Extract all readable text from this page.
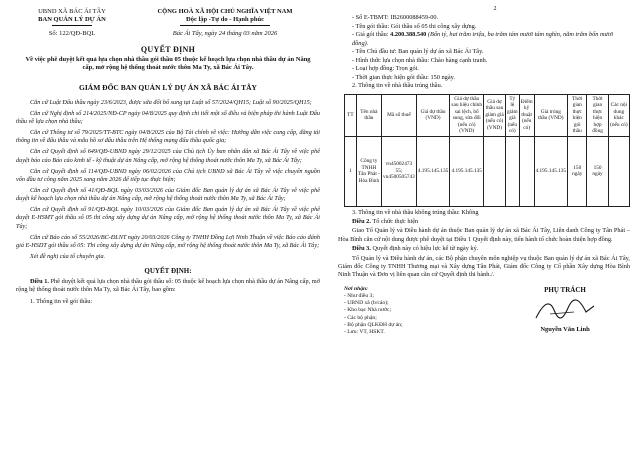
UBND XÃ BÁC ÁI TÂY
BAN QUẢN LÝ DỰ ÁN
CỘNG HOÀ XÃ HỘI CHỦ NGHĨA VIỆT NAM
Độc lập -Tự do - Hạnh phúc
Số: 122/QĐ-BQL	Bác Ái Tây, ngày 24 tháng 03 năm 2026
QUYẾT ĐỊNH
Về việc phê duyệt kết quả lựa chọn nhà thầu gói thầu 05 thuộc kế hoạch lựa chọn nhà thầu dự án Nâng cấp, mở rộng hệ thống thoát nước thôn Ma Ty, xã Bác Ái Tây.
GIÁM ĐỐC BAN QUẢN LÝ DỰ ÁN XÃ BÁC ÁI TÂY
Căn cứ Luật Đấu thầu ngày 23/6/2023, được sửa đổi bổ sung tại Luật số 57/2024/QH15; Luật số 90/2025/QH15;
Căn cứ Nghị định số 214/2025/NĐ-CP ngày 04/8/2025 quy định chi tiết một số điều và biện pháp thi hành Luật Đấu thầu về lựa chọn nhà thầu;
Căn cứ Thông tư số 79/2025/TT-BTC ngày 04/8/2025 của Bộ Tài chính về việc: Hướng dẫn việc cung cấp, đăng tải thông tin về đấu thầu và mẫu hồ sơ đấu thầu trên Hệ thống mạng đấu thầu quốc gia;
Căn cứ Quyết định số 649/QĐ-UBND ngày 29/12/2025 của Chủ tịch Ủy ban nhân dân xã Bác Ái Tây về việc phê duyệt báo cáo Báo cáo kinh tế - kỹ thuật dự án Nâng cấp, mở rộng hệ thống thoát nước thôn Ma Ty, xã Bác Ái Tây;
Căn cứ Quyết định số 114/QĐ-UBND ngày 06/02/2026 của Chủ tịch UBND xã Bác Ái Tây về việc chuyển nguồn vốn đầu tư công năm 2025 sang năm 2026 để tiếp tục thực hiện;
Căn cứ Quyết định số 41/QĐ-BQL ngày 03/03/2026 của Giám đốc Ban quản lý dự án xã Bác Ái Tây về việc phê duyệt kế hoạch lựa chọn nhà thầu dự án Nâng cấp, mở rộng hệ thống thoát nước thôn Ma Ty, xã Bác Ái Tây;
Căn cứ Quyết định số 91/QĐ-BQL ngày 10/03/2026 của Giám đốc Ban quản lý dự án xã Bác Ái Tây về việc phê duyệt E-HSMT gói thầu số 05 thi công xây dựng dự án Nâng cấp, mở rộng hệ thống thoát nước thôn Ma Ty, xã Bác Ái Tây;
Căn cứ Báo cáo số 55/2026/BC-ĐLNT ngày 20/03/2026 Công ty TNHH Đồng Lợi Ninh Thuận về việc Báo cáo đánh giá E-HSDT gói thầu số 05: Thi công xây dựng dự án Nâng cấp, mở rộng hệ thống thoát nước thôn Ma Ty, xã Bác Ái Tây;
Xét đề nghị của tổ chuyên gia.
QUYẾT ĐỊNH:
Điều 1. Phê duyệt kết quả lựa chọn nhà thầu gói thầu số: 05 thuộc kế hoạch lựa chọn nhà thầu dự án Nâng cấp, mở rộng hệ thống thoát nước thôn Ma Ty, xã Bác Ái Tây, bao gồm:
1. Thông tin về gói thầu:
2
- Số E-TBMT: IB2600088459-00.
- Tên gói thầu: Gói thầu số 05 thi công xây dựng.
- Giá gói thầu: 4.200.388.540 (Bốn tỷ, hai trăm triệu, ba trăm tám mươi tám nghìn, năm trăm bốn mươi đồng).
- Tên Chủ đầu tư: Ban quản lý dự án xã Bác Ái Tây.
- Hình thức lựa chọn nhà thầu: Chào hàng cạnh tranh.
- Loại hợp đồng: Trọn gói.
- Thời gian thực hiện gói thầu: 150 ngày.
2. Thông tin về nhà thầu trúng thầu.
TT	Tên nhà thầu	Mã số thuế	Giá dự thầu (VND)	Giá dự thầu sau hiệu chỉnh sai lệch, bổ sung, sửa đổi (nếu có) (VND)	Giá dự thầu sau giảm giá (nếu có) (VND)	Tỷ lệ giảm giá (nếu có)	Điểm kỹ thuật (nếu có)	Giá trúng thầu (VND)	Thời gian thực hiện gói thầu	Thời gian thực hiện hợp đồng	Các nội dung khác (nếu có)
1	Công ty TNHH Tân Phát - Hòa Bình	vn45002473 55; vn4500505743	4.195.145.135	4.195.145.135				4.195.145.135	150 ngày	150 ngày	
3. Thông tin về nhà thầu không trúng thầu: Không
Điều 2. Tổ chức thực hiện
Giao Tổ Quản lý và Điều hành dự án thuộc Ban quản lý dự án xã Bác Ái Tây, Liên danh Công ty Tân Phát – Hòa Bình căn cứ nội dung được phê duyệt tại Điều 1 Quyết định này, tiến hành tổ chức hoàn thiện hợp đồng.
Điều 3. Quyết định này có hiệu lực kể từ ngày ký.
Tổ Quản lý và Điều hành dự án, các Bộ phận chuyên môn nghiệp vụ thuộc Ban quản lý dự án xã Bác Ái Tây, Giám đốc Công ty TNHH Thương mại và Xây dựng Tân Phát, Giám đốc Công ty Cổ phần Xây dựng Hòa Bình Ninh Thuận và Đơn vị liên quan căn cứ Quyết định thi hành./.
Nơi nhận:
- Như điều 3;
- UBND xã (b/cáo);
- Kho bạc Nhà nước;
- Các bộ phận;
- Bộ phận QLKĐH dự án;
- Lưu: VT, HSKT.
PHỤ TRÁCH
Nguyễn Văn Linh
